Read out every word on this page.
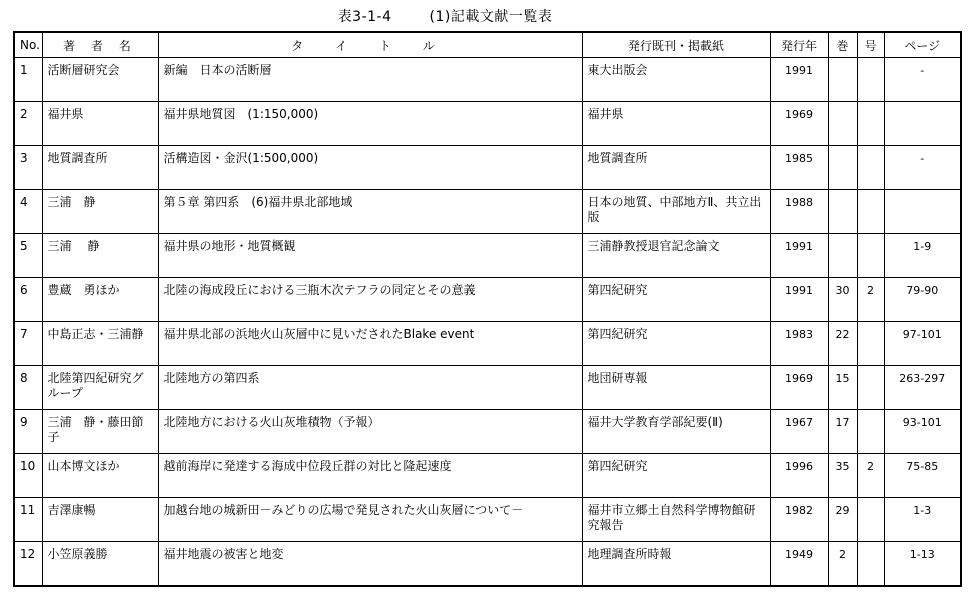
表3-1-4	(1)記載文献一覧表
No.	著 者 名	タ イ ト ル	発行既刊・掲載紙	発行年	巻	号	ページ
1	活断層研究会	新編　日本の活断層	東大出版会	1991			-
2	福井県	福井県地質図　(1:150,000)	福井県	1969			
3	地質調査所	活構造図・金沢(1:500,000)	地質調査所	1985			-
4	三浦　静	第５章 第四系　(6)福井県北部地域	日本の地質、中部地方Ⅱ、共立出版	1988			
5	三浦　 静	福井県の地形・地質概観	三浦静教授退官記念論文	1991			1-9
6	豊蔵　勇ほか	北陸の海成段丘における三瓶木次テフラの同定とその意義	第四紀研究	1991	30	2	79-90
7	中島正志・三浦静	福井県北部の浜地火山灰層中に見いだされたBlake event	第四紀研究	1983	22		97-101
8	北陸第四紀研究グループ	北陸地方の第四系	地団研専報	1969	15		263-297
9	三浦　静・藤田節子	北陸地方における火山灰堆積物（予報）	福井大学教育学部紀要(Ⅱ)	1967	17		93-101
10	山本博文ほか	越前海岸に発達する海成中位段丘群の対比と隆起速度	第四紀研究	1996	35	2	75-85
11	吉澤康暢	加越台地の城新田－みどりの広場で発見された火山灰層について－	福井市立郷土自然科学博物館研究報告	1982	29		1-3
12	小笠原義勝	福井地震の被害と地変	地理調査所時報	1949	2		1-13
